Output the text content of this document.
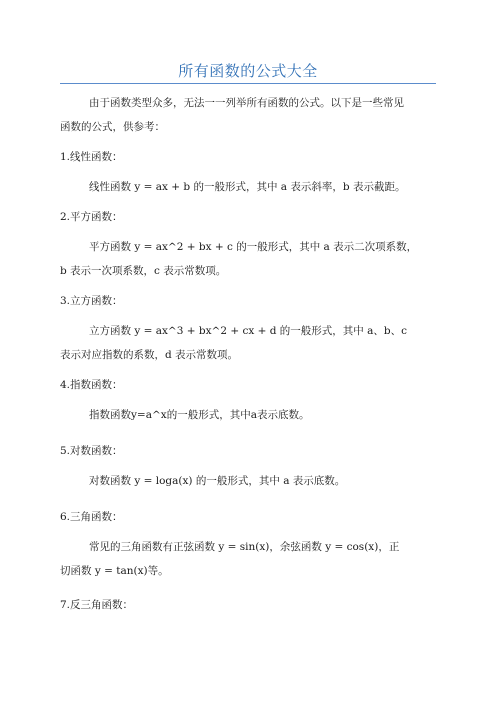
所有函数的公式大全
由于函数类型众多，无法一一列举所有函数的公式。以下是一些常见
函数的公式，供参考：
1.线性函数：
线性函数 y = ax + b 的一般形式，其中 a 表示斜率，b 表示截距。
2.平方函数：
平方函数 y = ax^2 + bx + c 的一般形式，其中 a 表示二次项系数，
b 表示一次项系数，c 表示常数项。
3.立方函数：
立方函数 y = ax^3 + bx^2 + cx + d 的一般形式，其中 a、b、c
表示对应指数的系数，d 表示常数项。
4.指数函数：
指数函数y=a^x的一般形式，其中a表示底数。
5.对数函数：
对数函数 y = loga(x) 的一般形式，其中 a 表示底数。
6.三角函数：
常见的三角函数有正弦函数 y = sin(x)，余弦函数 y = cos(x)，正
切函数 y = tan(x)等。
7.反三角函数：
